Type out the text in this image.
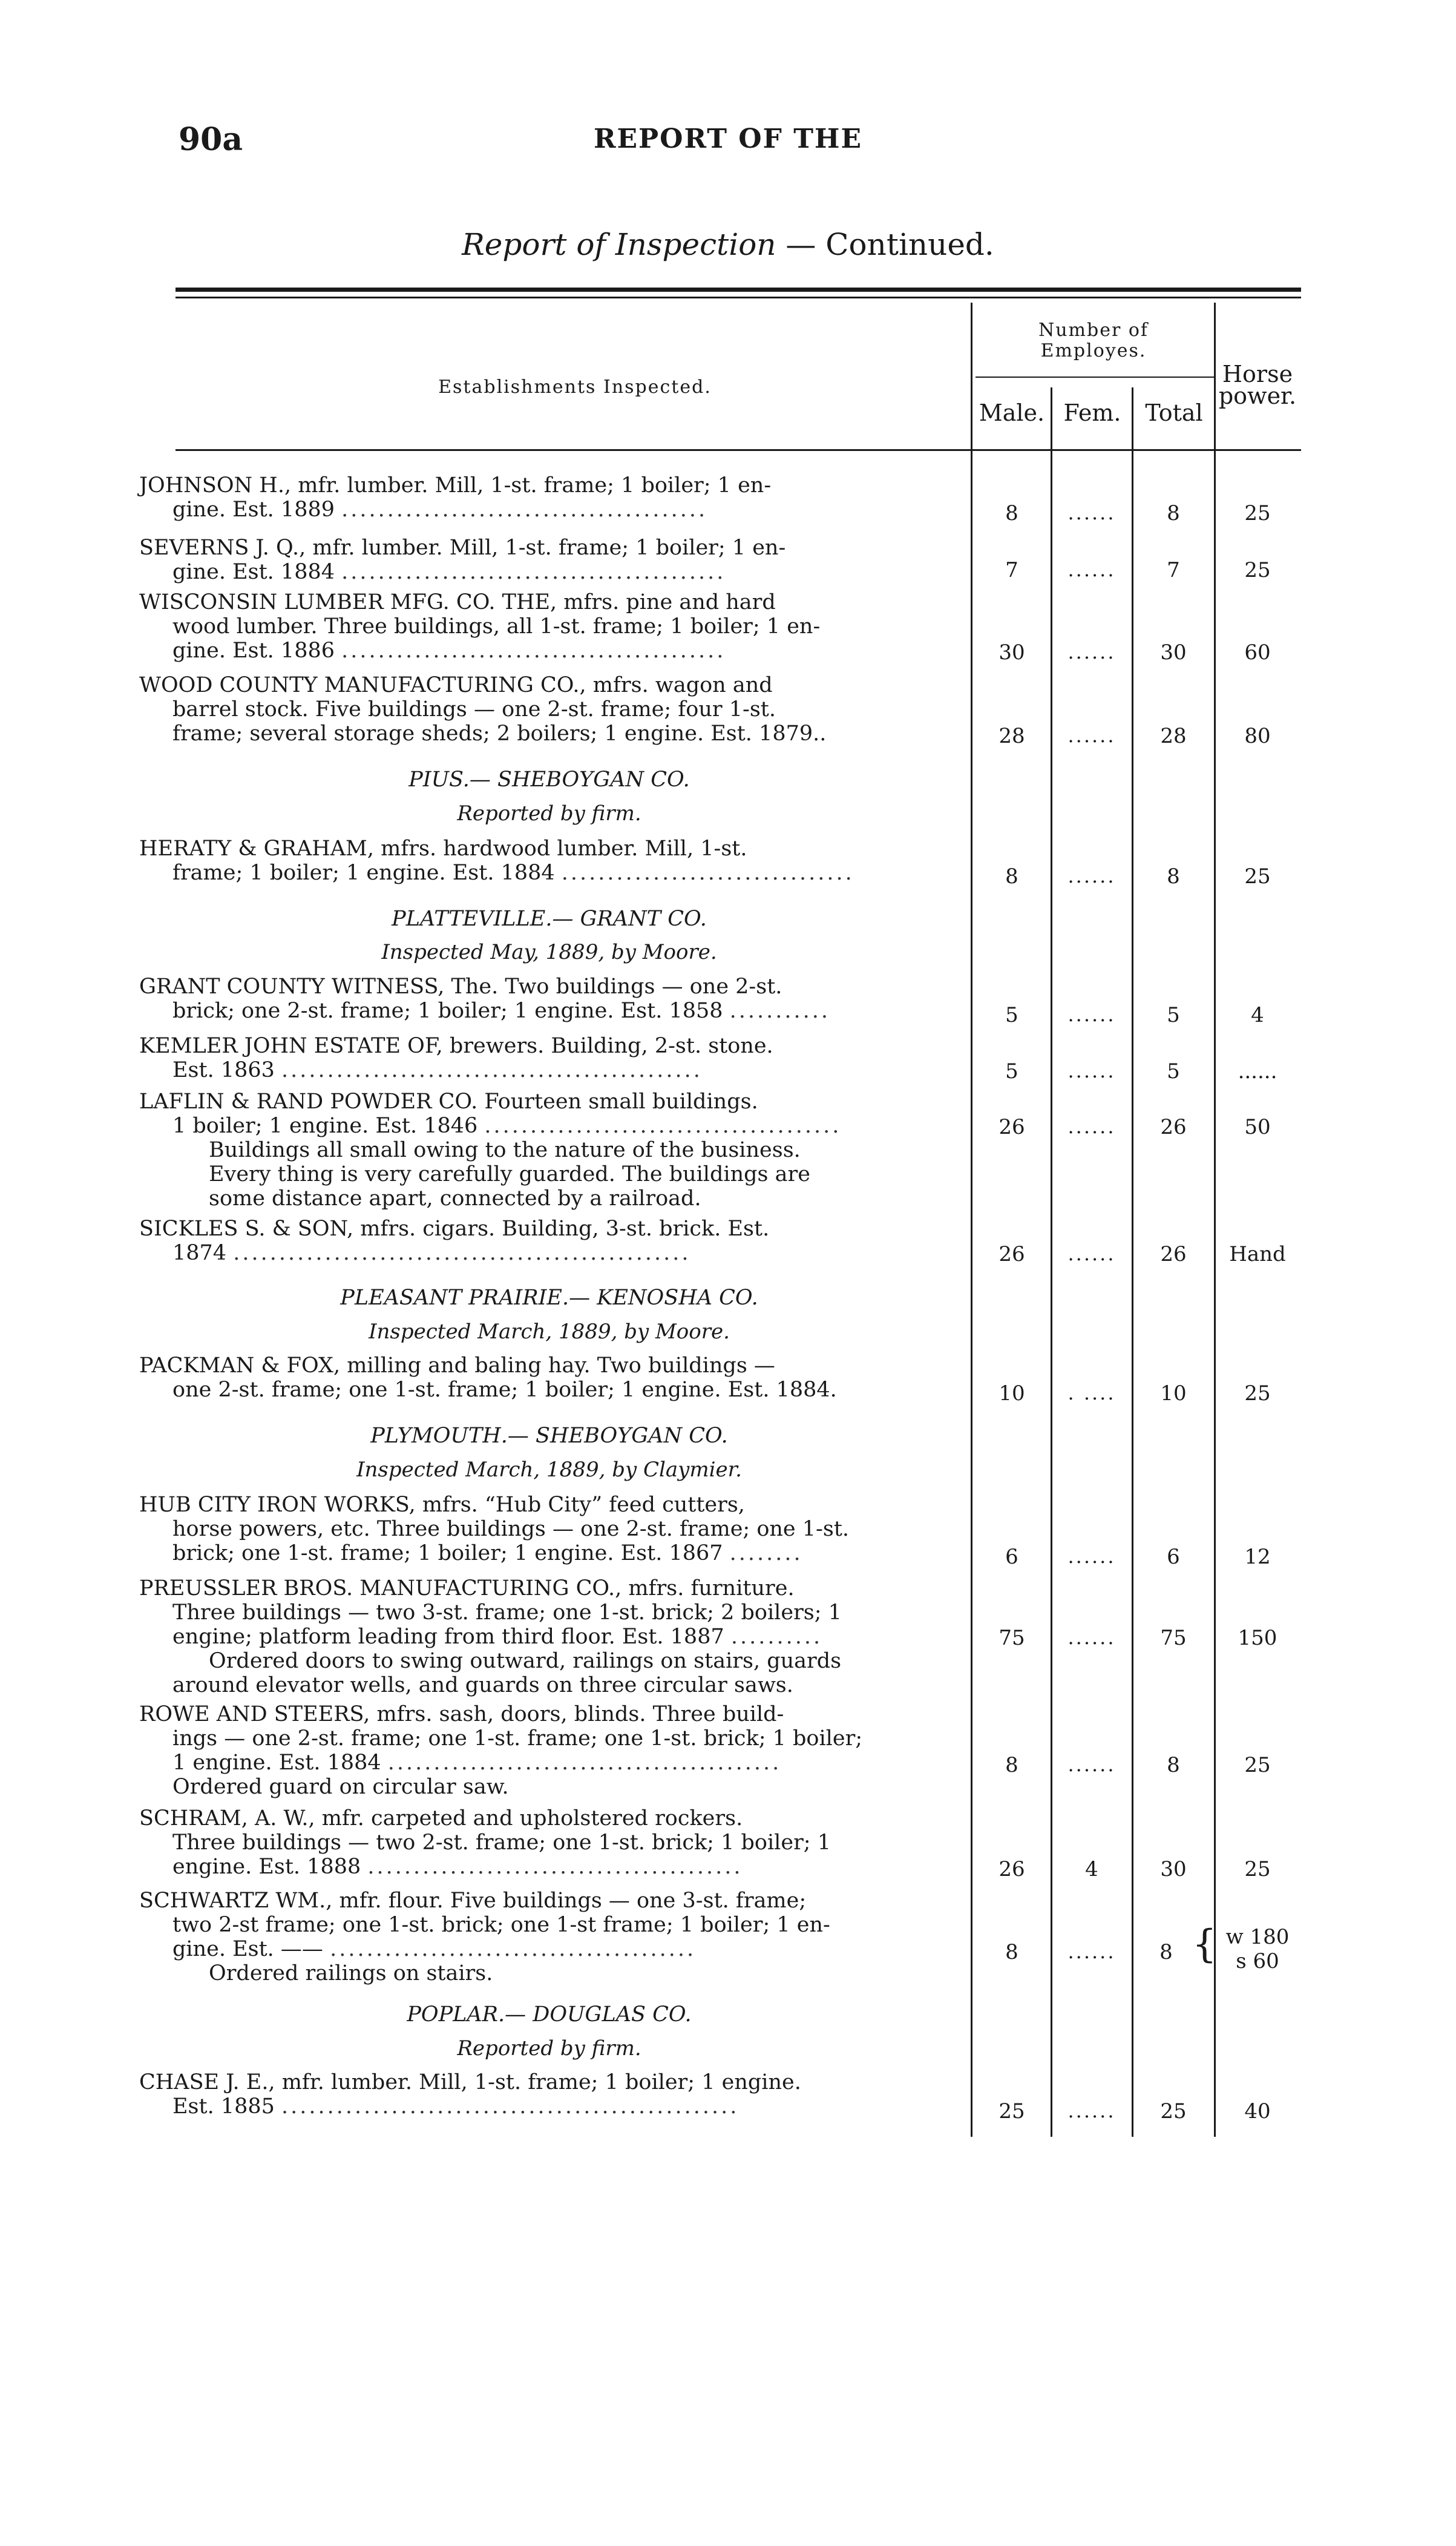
90a	REPORT OF THE
Report of Inspection — Continued.
Establishments Inspected.
Number of
Employes.
Male. Fem.	Total
Horse
power.
JOHNSON H., mfr. lumber. Mill, 1-st. frame; 1 boiler; 1 en-
gine. Est. 1889 ........................................	8	......	8	25
SEVERNS J. Q., mfr. lumber. Mill, 1-st. frame; 1 boiler; 1 en-
gine. Est. 1884 ..........................................	7	......	7	25
WISCONSIN LUMBER MFG. CO. THE, mfrs. pine and hard
wood lumber. Three buildings, all 1-st. frame; 1 boiler; 1 en-
gine. Est. 1886 ..........................................	30	......	30	60
WOOD COUNTY MANUFACTURING CO., mfrs. wagon and
barrel stock. Five buildings — one 2-st. frame; four 1-st.
frame; several storage sheds; 2 boilers; 1 engine. Est. 1879..	28	......	28	80
PIUS.— SHEBOYGAN CO.
Reported by firm.
HERATY & GRAHAM, mfrs. hardwood lumber. Mill, 1-st.
frame; 1 boiler; 1 engine. Est. 1884 ................................	8	......	8	25
PLATTEVILLE.— GRANT CO.
Inspected May, 1889, by Moore.
GRANT COUNTY WITNESS, The. Two buildings — one 2-st.
brick; one 2-st. frame; 1 boiler; 1 engine. Est. 1858 ...........	5	......	5	4
KEMLER JOHN ESTATE OF, brewers. Building, 2-st. stone.
Est. 1863 ..............................................	5	......	5	......
LAFLIN & RAND POWDER CO. Fourteen small buildings.
1 boiler; 1 engine. Est. 1846 .......................................
Buildings all small owing to the nature of the business.
Every thing is very carefully guarded. The buildings are
some distance apart, connected by a railroad.
26	......	26	50
SICKLES S. & SON, mfrs. cigars. Building, 3-st. brick. Est.
1874 ..................................................	26	......	26	Hand
PLEASANT PRAIRIE.— KENOSHA CO.
Inspected March, 1889, by Moore.
PACKMAN & FOX, milling and baling hay. Two buildings —
one 2-st. frame; one 1-st. frame; 1 boiler; 1 engine. Est. 1884.	10	. ....	10	25
PLYMOUTH.— SHEBOYGAN CO.
Inspected March, 1889, by Claymier.
HUB CITY IRON WORKS, mfrs. “Hub City” feed cutters,
horse powers, etc. Three buildings — one 2-st. frame; one 1-st.
brick; one 1-st. frame; 1 boiler; 1 engine. Est. 1867 ........	6	......	6	12
PREUSSLER BROS. MANUFACTURING CO., mfrs. furniture.
Three buildings — two 3-st. frame; one 1-st. brick; 2 boilers; 1
engine; platform leading from third floor. Est. 1887 ..........
Ordered doors to swing outward, railings on stairs, guards
around elevator wells, and guards on three circular saws.
75	......	75	150
ROWE AND STEERS, mfrs. sash, doors, blinds. Three build-
ings — one 2-st. frame; one 1-st. frame; one 1-st. brick; 1 boiler;
1 engine. Est. 1884 ...........................................
Ordered guard on circular saw.
8	......	8	25
SCHRAM, A. W., mfr. carpeted and upholstered rockers.
Three buildings — two 2-st. frame; one 1-st. brick; 1 boiler; 1
engine. Est. 1888 .........................................	26	4	30	25
SCHWARTZ WM., mfr. flour. Five buildings — one 3-st. frame;
two 2-st frame; one 1-st. brick; one 1-st frame; 1 boiler; 1 en-
gine. Est. —— ........................................
Ordered railings on stairs.
8	......	8 { w 180
s 60
POPLAR.— DOUGLAS CO.
Reported by firm.
CHASE J. E., mfr. lumber. Mill, 1-st. frame; 1 boiler; 1 engine.
Est. 1885 ..................................................	25	......	25	40
